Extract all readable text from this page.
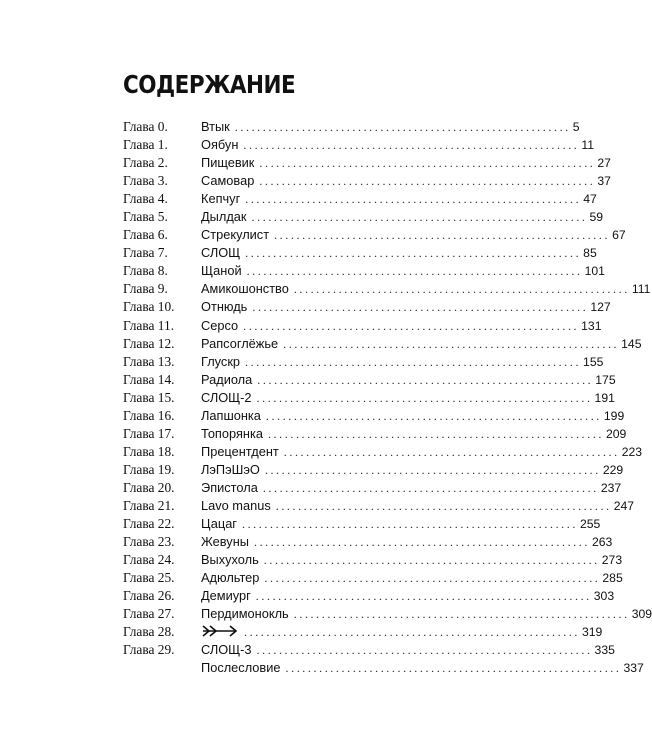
СОДЕРЖАНИЕ
Глава 0.	Втык ............................................................ 5
Глава 1.	Оябун ............................................................ 11
Глава 2.	Пищевик ............................................................ 27
Глава 3.	Самовар ............................................................ 37
Глава 4.	Кепчуг ............................................................ 47
Глава 5.	Дылдак ............................................................ 59
Глава 6.	Стрекулист ............................................................ 67
Глава 7.	СЛОЩ ............................................................ 85
Глава 8.	Щаной ............................................................ 101
Глава 9.	Амикошонство ............................................................ 111
Глава 10.	Отнюдь ............................................................ 127
Глава 11.	Серсо ............................................................ 131
Глава 12.	Рапсоглёжье ............................................................ 145
Глава 13.	Глускр ............................................................ 155
Глава 14.	Радиола ............................................................ 175
Глава 15.	СЛОЩ-2 ............................................................ 191
Глава 16.	Лапшонка ............................................................ 199
Глава 17.	Топорянка ............................................................ 209
Глава 18.	Прецентдент ............................................................ 223
Глава 19.	ЛэПэШэО ............................................................ 229
Глава 20.	Эпистола ............................................................ 237
Глава 21.	Lavo manus ............................................................ 247
Глава 22.	Цацаг ............................................................ 255
Глава 23.	Жевуны ............................................................ 263
Глава 24.	Выхухоль ............................................................ 273
Глава 25.	Адюльтер ............................................................ 285
Глава 26.	Демиург ............................................................ 303
Глава 27.	Пердимонокль ............................................................ 309
Глава 28.	............................................................ 319
Глава 29.	СЛОЩ-3 ............................................................ 335
Послесловие ............................................................ 337
